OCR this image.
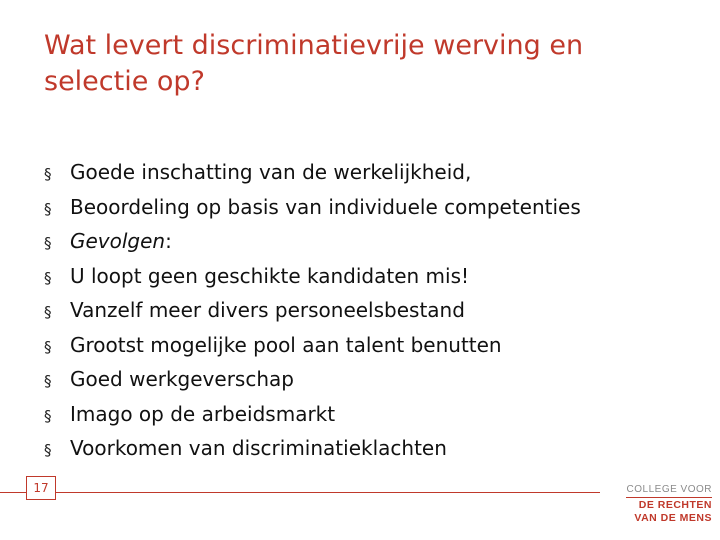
Wat levert discriminatievrije werving en
selectie op?
§ Goede inschatting van de werkelijkheid,
§ Beoordeling op basis van individuele competenties
§ Gevolgen:
§ U loopt geen geschikte kandidaten mis!
§ Vanzelf meer divers personeelsbestand
§ Grootst mogelijke pool aan talent benutten
§ Goed werkgeverschap
§ Imago op de arbeidsmarkt
§ Voorkomen van discriminatieklachten
17	COLLEGE VOOR
DE RECHTEN
VAN DE MENS
